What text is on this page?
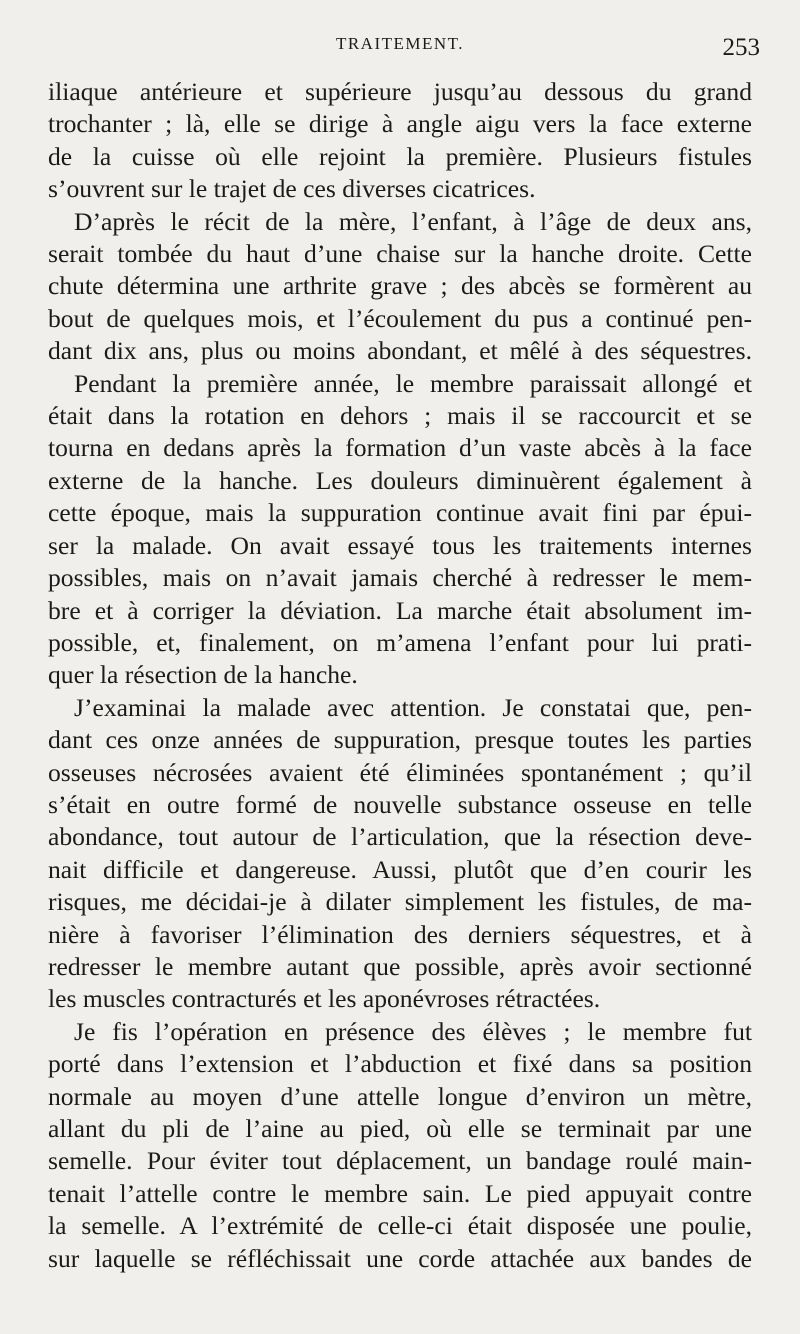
TRAITEMENT.	253

iliaque antérieure et supérieure jusqu’au dessous du grand
trochanter ; là, elle se dirige à angle aigu vers la face externe
de la cuisse où elle rejoint la première. Plusieurs fistules
s’ouvrent sur le trajet de ces diverses cicatrices.

D’après le récit de la mère, l’enfant, à l’âge de deux ans,
serait tombée du haut d’une chaise sur la hanche droite. Cette
chute détermina une arthrite grave ; des abcès se formèrent au
bout de quelques mois, et l’écoulement du pus a continué pen-
dant dix ans, plus ou moins abondant, et mêlé à des séquestres.

Pendant la première année, le membre paraissait allongé et
était dans la rotation en dehors ; mais il se raccourcit et se
tourna en dedans après la formation d’un vaste abcès à la face
externe de la hanche. Les douleurs diminuèrent également à
cette époque, mais la suppuration continue avait fini par épui-
ser la malade. On avait essayé tous les traitements internes
possibles, mais on n’avait jamais cherché à redresser le mem-
bre et à corriger la déviation. La marche était absolument im-
possible, et, finalement, on m’amena l’enfant pour lui prati-
quer la résection de la hanche.

J’examinai la malade avec attention. Je constatai que, pen-
dant ces onze années de suppuration, presque toutes les parties
osseuses nécrosées avaient été éliminées spontanément ; qu’il
s’était en outre formé de nouvelle substance osseuse en telle
abondance, tout autour de l’articulation, que la résection deve-
nait difficile et dangereuse. Aussi, plutôt que d’en courir les
risques, me décidai-je à dilater simplement les fistules, de ma-
nière à favoriser l’élimination des derniers séquestres, et à
redresser le membre autant que possible, après avoir sectionné
les muscles contracturés et les aponévroses rétractées.

Je fis l’opération en présence des élèves ; le membre fut
porté dans l’extension et l’abduction et fixé dans sa position
normale au moyen d’une attelle longue d’environ un mètre,
allant du pli de l’aine au pied, où elle se terminait par une
semelle. Pour éviter tout déplacement, un bandage roulé main-
tenait l’attelle contre le membre sain. Le pied appuyait contre
la semelle. A l’extrémité de celle-ci était disposée une poulie,
sur laquelle se réfléchissait une corde attachée aux bandes de
